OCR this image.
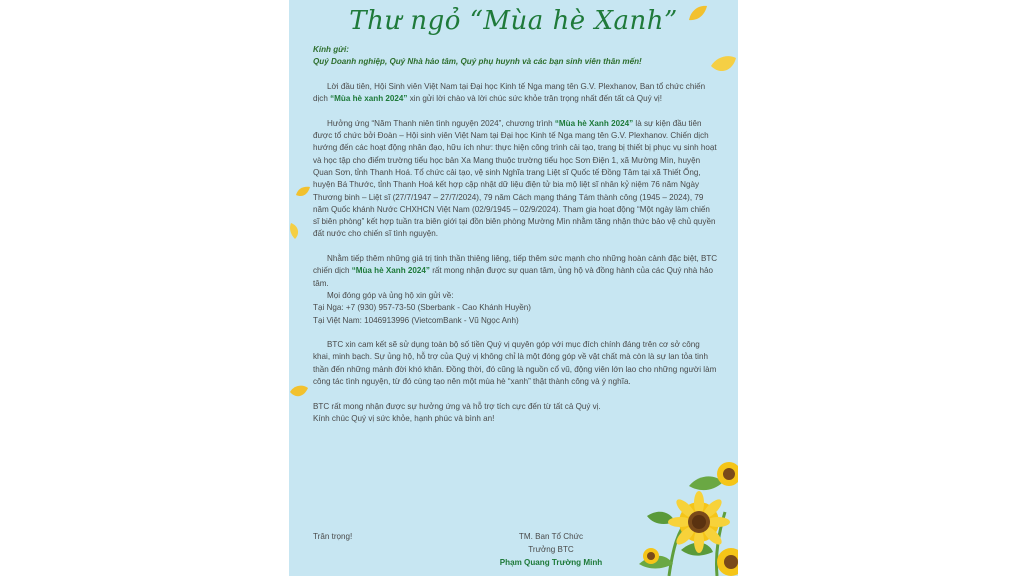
Thư ngỏ “Mùa hè Xanh”

Kính gửi:

Quý Doanh nghiệp, Quý Nhà hảo tâm, Quý phụ huynh và các bạn sinh viên thân mến!

Lời đầu tiên, Hội Sinh viên Việt Nam tại Đại học Kinh tế Nga mang tên G.V. Plexhanov, Ban tổ chức chiến dịch “Mùa hè xanh 2024” xin gửi lời chào và lời chúc sức khỏe trân trọng nhất đến tất cả Quý vị!

Hưởng ứng “Năm Thanh niên tình nguyện 2024”, chương trình “Mùa hè Xanh 2024” là sự kiện đầu tiên được tổ chức bởi Đoàn – Hội sinh viên Việt Nam tại Đại học Kinh tế Nga mang tên G.V. Plexhanov. Chiến dịch hướng đến các hoạt động nhân đạo, hữu ích như: thực hiện công trình cải tạo, trang bị thiết bị phục vụ sinh hoạt và học tập cho điểm trường tiểu học bản Xa Mang thuộc trường tiểu học Sơn Điện 1, xã Mường Mìn, huyện Quan Sơn, tỉnh Thanh Hoá. Tổ chức cải tạo, vệ sinh Nghĩa trang Liệt sĩ Quốc tế Đồng Tâm tại xã Thiết Ống, huyện Bá Thước, tỉnh Thanh Hoá kết hợp cập nhật dữ liệu điện tử bia mộ liệt sĩ nhân kỷ niệm 76 năm Ngày Thương binh – Liệt sĩ (27/7/1947 – 27/7/2024), 79 năm Cách mạng tháng Tám thành công (1945 – 2024), 79 năm Quốc khánh Nước CHXHCN Việt Nam (02/9/1945 – 02/9/2024). Tham gia hoạt động “Một ngày làm chiến sĩ biên phòng” kết hợp tuần tra biên giới tại đồn biên phòng Mường Mìn nhằm tăng nhận thức bảo vệ chủ quyền đất nước cho chiến sĩ tình nguyện.

Nhằm tiếp thêm những giá trị tinh thần thiêng liêng, tiếp thêm sức mạnh cho những hoàn cảnh đặc biệt, BTC chiến dịch “Mùa hè Xanh 2024” rất mong nhận được sự quan tâm, ủng hộ và đồng hành của các Quý nhà hảo tâm.

Mọi đóng góp và ủng hộ xin gửi về:

Tại Nga: +7 (930) 957-73-50 (Sberbank - Cao Khánh Huyền)

Tại Việt Nam: 1046913996 (VietcomBank - Vũ Ngọc Anh)

BTC xin cam kết sẽ sử dụng toàn bộ số tiền Quý vị quyên góp với mục đích chính đáng trên cơ sở công khai, minh bạch. Sự ủng hộ, hỗ trợ của Quý vị không chỉ là một đóng góp về vật chất mà còn là sự lan tỏa tinh thần đến những mảnh đời khó khăn. Đồng thời, đó cũng là nguồn cổ vũ, động viên lớn lao cho những người làm công tác tình nguyện, từ đó cùng tạo nên một mùa hè “xanh” thật thành công và ý nghĩa.

BTC rất mong nhận được sự hưởng ứng và hỗ trợ tích cực đến từ tất cả Quý vị.

Kính chúc Quý vị sức khỏe, hạnh phúc và bình an!

Trân trọng!	TM. Ban Tổ Chức
Trưởng BTC
Phạm Quang Trường Minh
